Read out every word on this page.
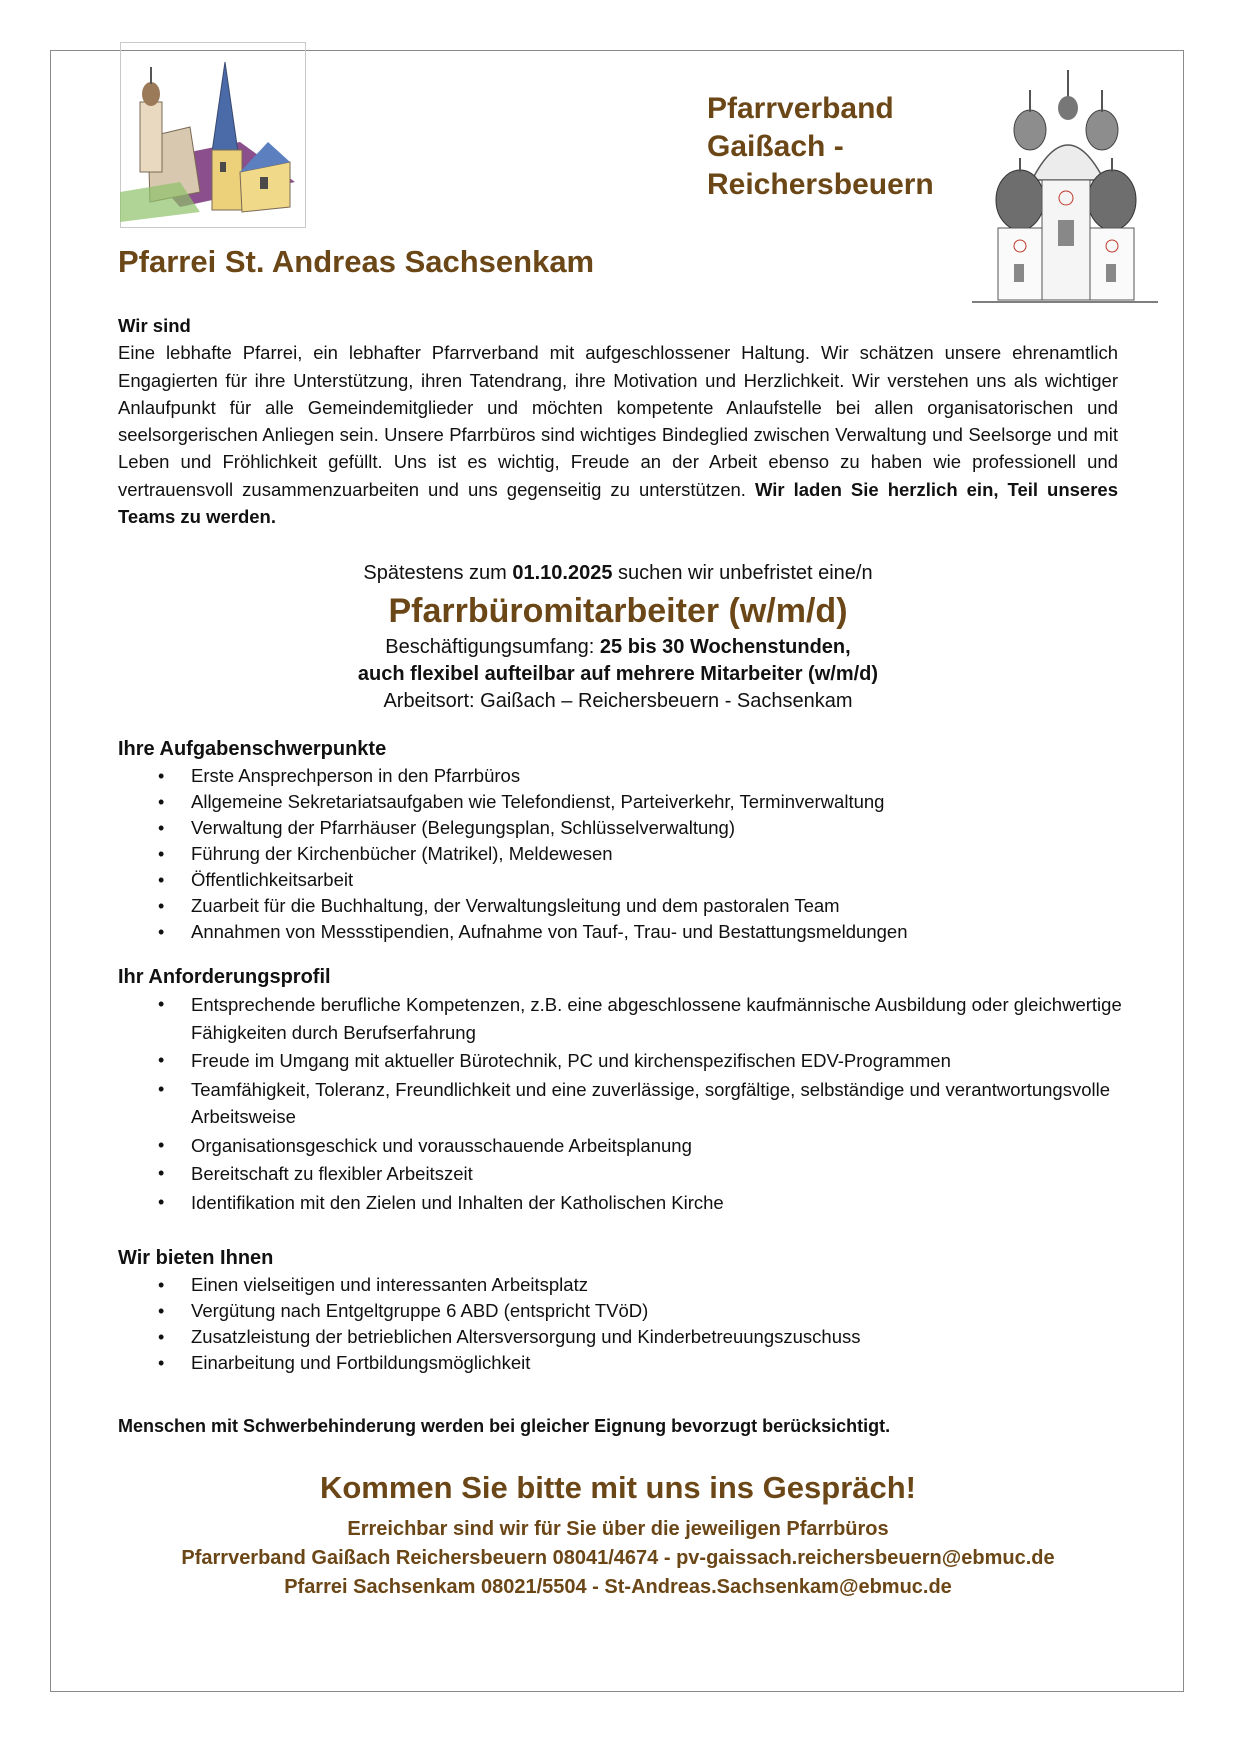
Pfarrverband
Gaißach -
Reichersbeuern
Pfarrei St. Andreas Sachsenkam
Wir sind
Eine lebhafte Pfarrei, ein lebhafter Pfarrverband mit aufgeschlossener Haltung. Wir schätzen unsere ehrenamtlich Engagierten für ihre Unterstützung, ihren Tatendrang, ihre Motivation und Herzlichkeit. Wir verstehen uns als wichtiger Anlaufpunkt für alle Gemeindemitglieder und möchten kompetente Anlaufstelle bei allen organisatorischen und seelsorgerischen Anliegen sein. Unsere Pfarrbüros sind wichtiges Bindeglied zwischen Verwaltung und Seelsorge und mit Leben und Fröhlichkeit gefüllt. Uns ist es wichtig, Freude an der Arbeit ebenso zu haben wie professionell und vertrauensvoll zusammenzuarbeiten und uns gegenseitig zu unterstützen. Wir laden Sie herzlich ein, Teil unseres Teams zu werden.
Spätestens zum 01.10.2025 suchen wir unbefristet eine/n
Pfarrbüromitarbeiter (w/m/d)
Beschäftigungsumfang: 25 bis 30 Wochenstunden,
auch flexibel aufteilbar auf mehrere Mitarbeiter (w/m/d)
Arbeitsort: Gaißach – Reichersbeuern - Sachsenkam
Ihre Aufgabenschwerpunkte
• Erste Ansprechperson in den Pfarrbüros
• Allgemeine Sekretariatsaufgaben wie Telefondienst, Parteiverkehr, Terminverwaltung
• Verwaltung der Pfarrhäuser (Belegungsplan, Schlüsselverwaltung)
• Führung der Kirchenbücher (Matrikel), Meldewesen
• Öffentlichkeitsarbeit
• Zuarbeit für die Buchhaltung, der Verwaltungsleitung und dem pastoralen Team
• Annahmen von Messstipendien, Aufnahme von Tauf-, Trau- und Bestattungsmeldungen
Ihr Anforderungsprofil
• Entsprechende berufliche Kompetenzen, z.B. eine abgeschlossene kaufmännische Ausbildung oder gleichwertige Fähigkeiten durch Berufserfahrung
• Freude im Umgang mit aktueller Bürotechnik, PC und kirchenspezifischen EDV-Programmen
• Teamfähigkeit, Toleranz, Freundlichkeit und eine zuverlässige, sorgfältige, selbständige und verantwortungsvolle Arbeitsweise
• Organisationsgeschick und vorausschauende Arbeitsplanung
• Bereitschaft zu flexibler Arbeitszeit
• Identifikation mit den Zielen und Inhalten der Katholischen Kirche
Wir bieten Ihnen
• Einen vielseitigen und interessanten Arbeitsplatz
• Vergütung nach Entgeltgruppe 6 ABD (entspricht TVöD)
• Zusatzleistung der betrieblichen Altersversorgung und Kinderbetreuungszuschuss
• Einarbeitung und Fortbildungsmöglichkeit
Menschen mit Schwerbehinderung werden bei gleicher Eignung bevorzugt berücksichtigt.
Kommen Sie bitte mit uns ins Gespräch!
Erreichbar sind wir für Sie über die jeweiligen Pfarrbüros
Pfarrverband Gaißach Reichersbeuern 08041/4674 - pv-gaissach.reichersbeuern@ebmuc.de
Pfarrei Sachsenkam 08021/5504 - St-Andreas.Sachsenkam@ebmuc.de
